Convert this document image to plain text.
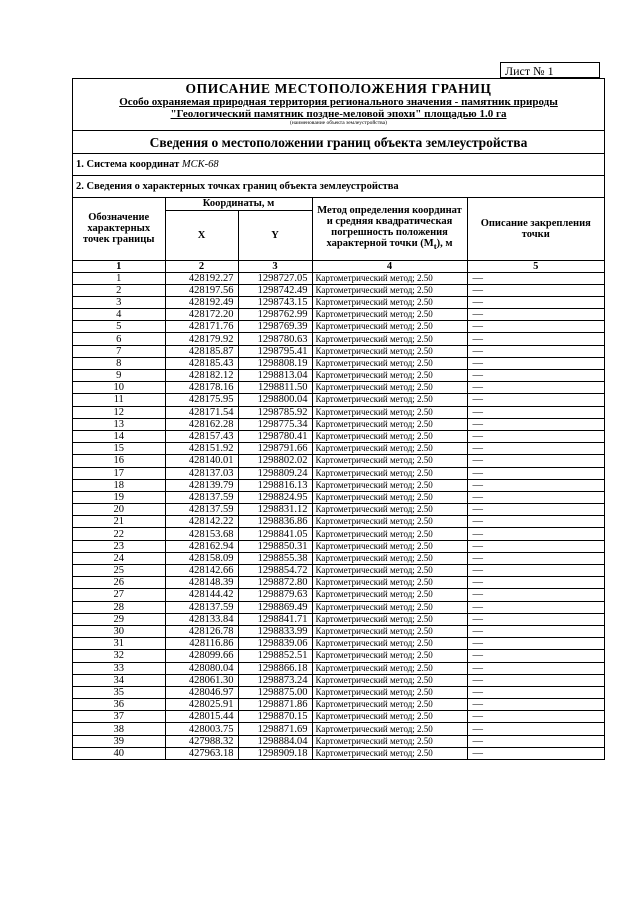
Лист № 1
ОПИСАНИЕ МЕСТОПОЛОЖЕНИЯ ГРАНИЦ
Особо охраняемая природная территория регионального значения - памятник природы
"Геологический памятник поздне-меловой эпохи" площадью 1.0 га
(наименование объекта землеустройства)
Сведения о местоположении границ объекта землеустройства
1. Система координат МСК-68
2. Сведения о характерных точках границ объекта землеустройства
Обозначение характерных точек границы	Координаты, м		Метод определения координат и средняя квадратическая погрешность положения характерной точки $(M_t)$, м	Описание закрепления точки
	X	Y		
1	2	3	4	5
1	428192.27	1298727.05	Картометрический метод; 2.50	—
2	428197.56	1298742.49	Картометрический метод; 2.50	—
3	428192.49	1298743.15	Картометрический метод; 2.50	—
4	428172.20	1298762.99	Картометрический метод; 2.50	—
5	428171.76	1298769.39	Картометрический метод; 2.50	—
6	428179.92	1298780.63	Картометрический метод; 2.50	—
7	428185.87	1298795.41	Картометрический метод; 2.50	—
8	428185.43	1298808.19	Картометрический метод; 2.50	—
9	428182.12	1298813.04	Картометрический метод; 2.50	—
10	428178.16	1298811.50	Картометрический метод; 2.50	—
11	428175.95	1298800.04	Картометрический метод; 2.50	—
12	428171.54	1298785.92	Картометрический метод; 2.50	—
13	428162.28	1298775.34	Картометрический метод; 2.50	—
14	428157.43	1298780.41	Картометрический метод; 2.50	—
15	428151.92	1298791.66	Картометрический метод; 2.50	—
16	428140.01	1298802.02	Картометрический метод; 2.50	—
17	428137.03	1298809.24	Картометрический метод; 2.50	—
18	428139.79	1298816.13	Картометрический метод; 2.50	—
19	428137.59	1298824.95	Картометрический метод; 2.50	—
20	428137.59	1298831.12	Картометрический метод; 2.50	—
21	428142.22	1298836.86	Картометрический метод; 2.50	—
22	428153.68	1298841.05	Картометрический метод; 2.50	—
23	428162.94	1298850.31	Картометрический метод; 2.50	—
24	428158.09	1298855.38	Картометрический метод; 2.50	—
25	428142.66	1298854.72	Картометрический метод; 2.50	—
26	428148.39	1298872.80	Картометрический метод; 2.50	—
27	428144.42	1298879.63	Картометрический метод; 2.50	—
28	428137.59	1298869.49	Картометрический метод; 2.50	—
29	428133.84	1298841.71	Картометрический метод; 2.50	—
30	428126.78	1298833.99	Картометрический метод; 2.50	—
31	428116.86	1298839.06	Картометрический метод; 2.50	—
32	428099.66	1298852.51	Картометрический метод; 2.50	—
33	428080.04	1298866.18	Картометрический метод; 2.50	—
34	428061.30	1298873.24	Картометрический метод; 2.50	—
35	428046.97	1298875.00	Картометрический метод; 2.50	—
36	428025.91	1298871.86	Картометрический метод; 2.50	—
37	428015.44	1298870.15	Картометрический метод; 2.50	—
38	428003.75	1298871.69	Картометрический метод; 2.50	—
39	427988.32	1298884.04	Картометрический метод; 2.50	—
40	427963.18	1298909.18	Картометрический метод; 2.50	—
